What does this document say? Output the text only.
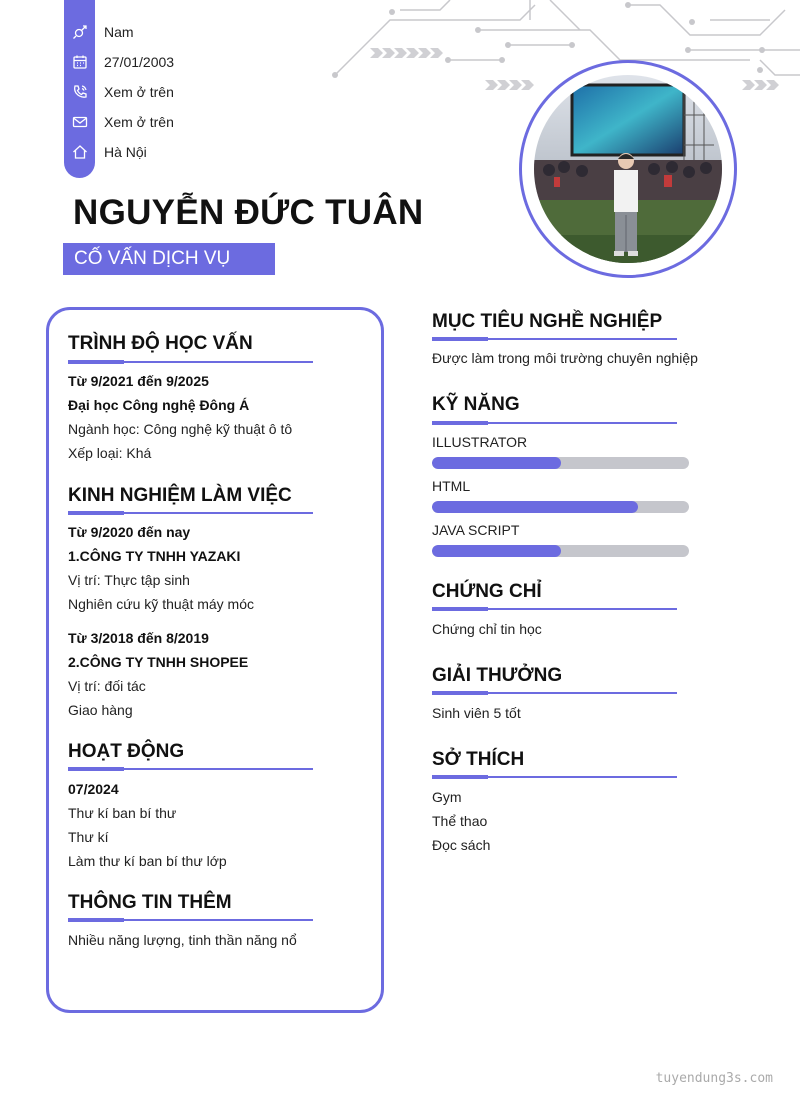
Nam
27/01/2003
Xem ở trên
Xem ở trên
Hà Nội
NGUYỄN ĐỨC TUÂN
CỐ VẤN DỊCH VỤ
TRÌNH ĐỘ HỌC VẤN
Từ 9/2021 đến 9/2025
Đại học Công nghệ Đông Á
Ngành học: Công nghệ kỹ thuật ô tô
Xếp loại: Khá
KINH NGHIỆM LÀM VIỆC
Từ 9/2020 đến nay
1.CÔNG TY TNHH YAZAKI
Vị trí: Thực tập sinh
Nghiên cứu kỹ thuật máy móc
Từ 3/2018 đến 8/2019
2.CÔNG TY TNHH SHOPEE
Vị trí: đối tác
Giao hàng
HOẠT ĐỘNG
07/2024
Thư kí ban bí thư
Thư kí
Làm thư kí ban bí thư lớp
THÔNG TIN THÊM
Nhiều năng lượng, tinh thần năng nổ
MỤC TIÊU NGHỀ NGHIỆP
Được làm trong môi trường chuyên nghiệp
KỸ NĂNG
ILLUSTRATOR
HTML
JAVA SCRIPT
CHỨNG CHỈ
Chứng chỉ tin học
GIẢI THƯỞNG
Sinh viên 5 tốt
SỞ THÍCH
Gym
Thể thao
Đọc sách
tuyendung3s.com
